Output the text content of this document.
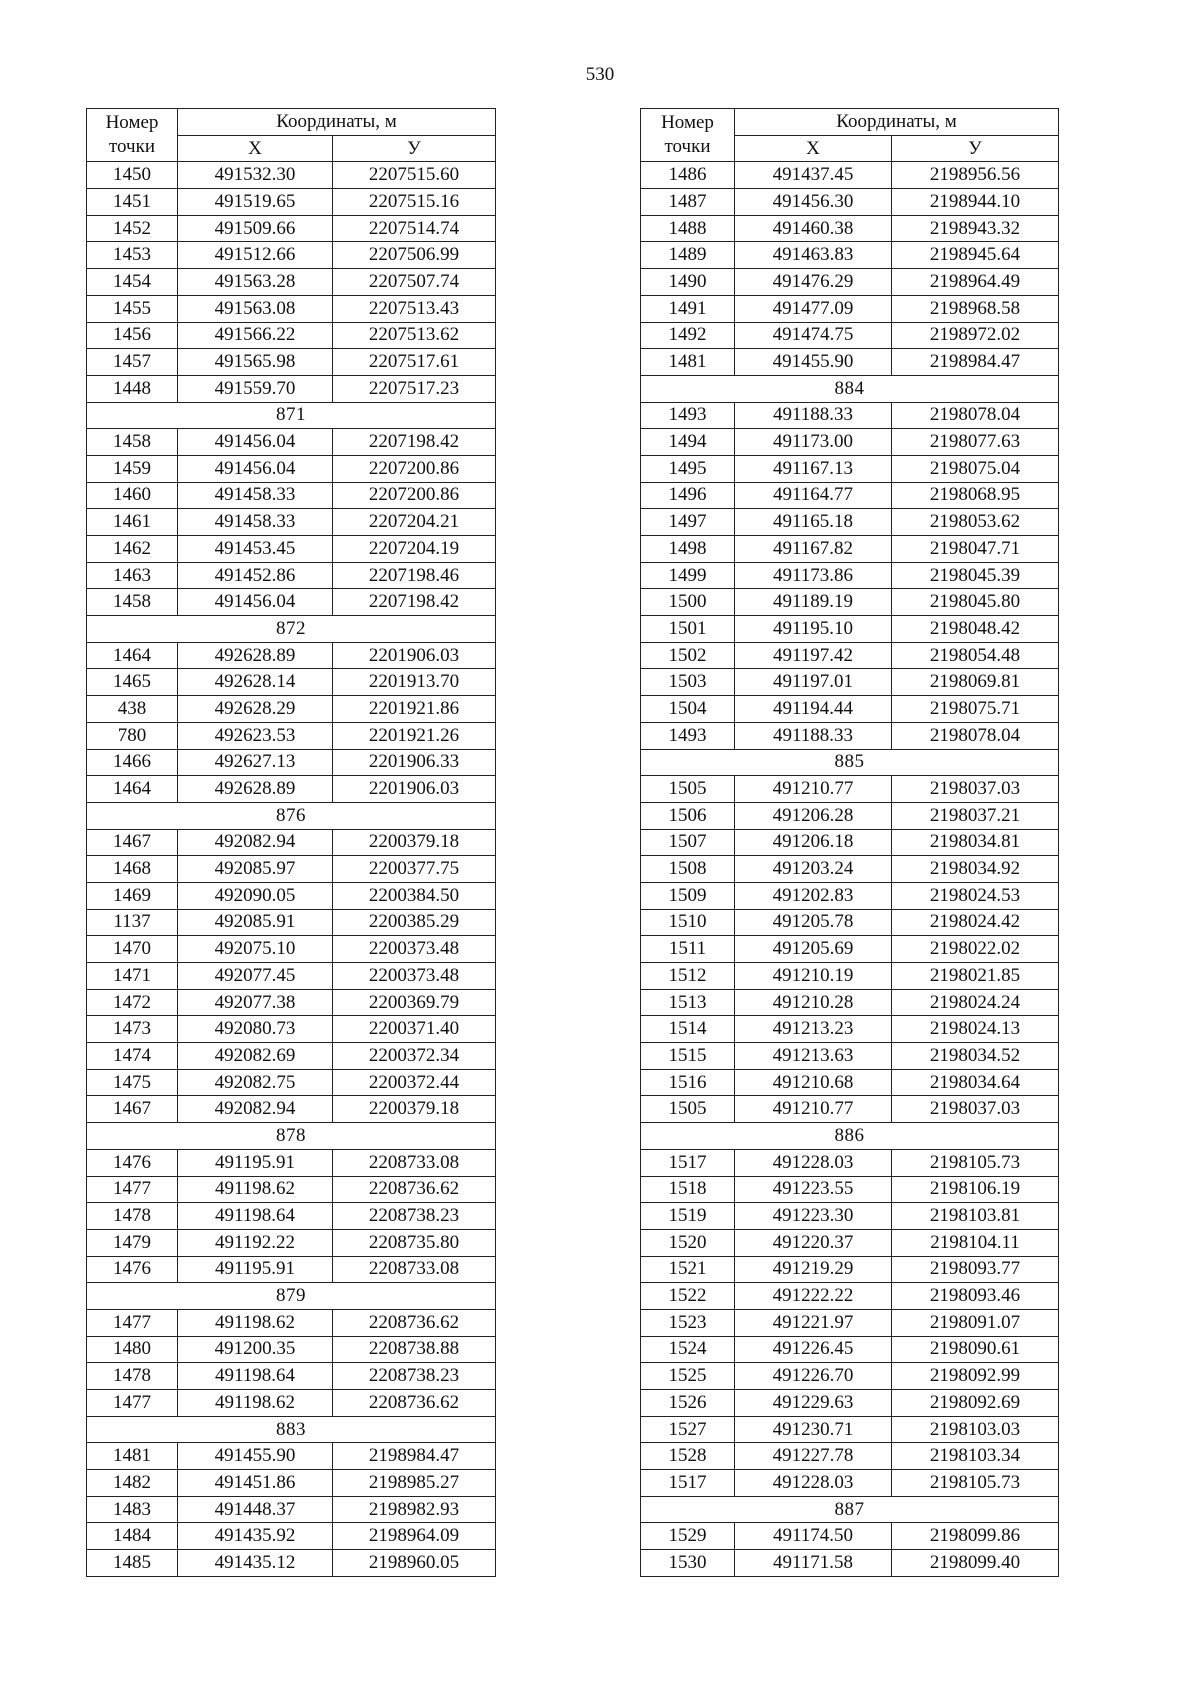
530
Номер
точки	Координаты, м	
	X	У
1450	491532.30	2207515.60
1451	491519.65	2207515.16
1452	491509.66	2207514.74
1453	491512.66	2207506.99
1454	491563.28	2207507.74
1455	491563.08	2207513.43
1456	491566.22	2207513.62
1457	491565.98	2207517.61
1448	491559.70	2207517.23
871		
1458	491456.04	2207198.42
1459	491456.04	2207200.86
1460	491458.33	2207200.86
1461	491458.33	2207204.21
1462	491453.45	2207204.19
1463	491452.86	2207198.46
1458	491456.04	2207198.42
872		
1464	492628.89	2201906.03
1465	492628.14	2201913.70
438	492628.29	2201921.86
780	492623.53	2201921.26
1466	492627.13	2201906.33
1464	492628.89	2201906.03
876		
1467	492082.94	2200379.18
1468	492085.97	2200377.75
1469	492090.05	2200384.50
1137	492085.91	2200385.29
1470	492075.10	2200373.48
1471	492077.45	2200373.48
1472	492077.38	2200369.79
1473	492080.73	2200371.40
1474	492082.69	2200372.34
1475	492082.75	2200372.44
1467	492082.94	2200379.18
878		
1476	491195.91	2208733.08
1477	491198.62	2208736.62
1478	491198.64	2208738.23
1479	491192.22	2208735.80
1476	491195.91	2208733.08
879		
1477	491198.62	2208736.62
1480	491200.35	2208738.88
1478	491198.64	2208738.23
1477	491198.62	2208736.62
883		
1481	491455.90	2198984.47
1482	491451.86	2198985.27
1483	491448.37	2198982.93
1484	491435.92	2198964.09
1485	491435.12	2198960.05
Номер
точки	Координаты, м	
	X	У
1486	491437.45	2198956.56
1487	491456.30	2198944.10
1488	491460.38	2198943.32
1489	491463.83	2198945.64
1490	491476.29	2198964.49
1491	491477.09	2198968.58
1492	491474.75	2198972.02
1481	491455.90	2198984.47
884		
1493	491188.33	2198078.04
1494	491173.00	2198077.63
1495	491167.13	2198075.04
1496	491164.77	2198068.95
1497	491165.18	2198053.62
1498	491167.82	2198047.71
1499	491173.86	2198045.39
1500	491189.19	2198045.80
1501	491195.10	2198048.42
1502	491197.42	2198054.48
1503	491197.01	2198069.81
1504	491194.44	2198075.71
1493	491188.33	2198078.04
885		
1505	491210.77	2198037.03
1506	491206.28	2198037.21
1507	491206.18	2198034.81
1508	491203.24	2198034.92
1509	491202.83	2198024.53
1510	491205.78	2198024.42
1511	491205.69	2198022.02
1512	491210.19	2198021.85
1513	491210.28	2198024.24
1514	491213.23	2198024.13
1515	491213.63	2198034.52
1516	491210.68	2198034.64
1505	491210.77	2198037.03
886		
1517	491228.03	2198105.73
1518	491223.55	2198106.19
1519	491223.30	2198103.81
1520	491220.37	2198104.11
1521	491219.29	2198093.77
1522	491222.22	2198093.46
1523	491221.97	2198091.07
1524	491226.45	2198090.61
1525	491226.70	2198092.99
1526	491229.63	2198092.69
1527	491230.71	2198103.03
1528	491227.78	2198103.34
1517	491228.03	2198105.73
887		
1529	491174.50	2198099.86
1530	491171.58	2198099.40
